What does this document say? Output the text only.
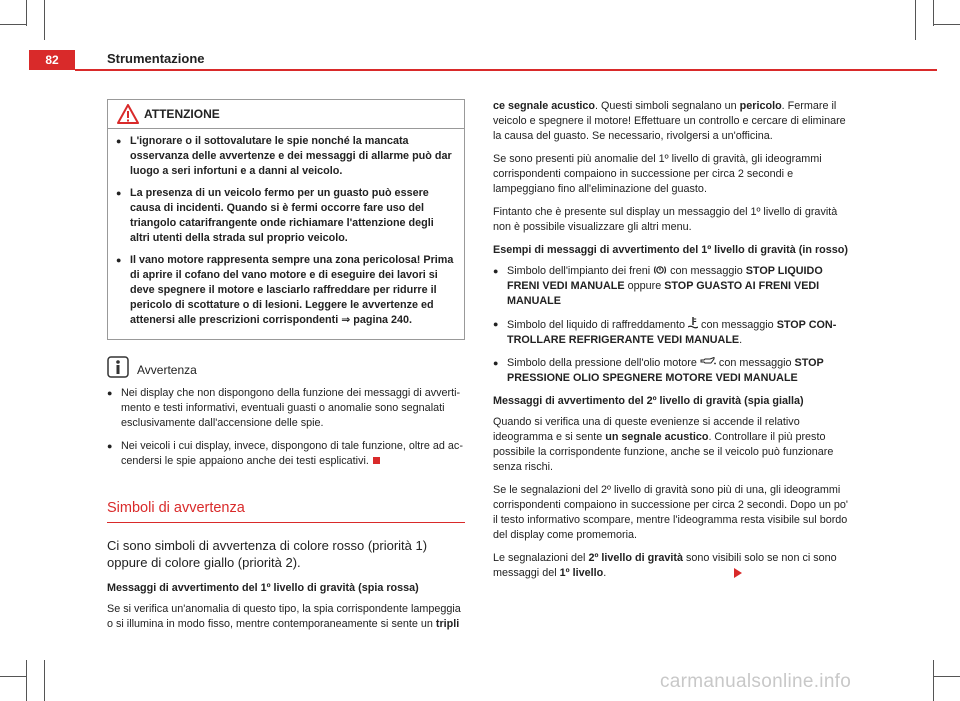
82	Strumentazione
ATTENZIONE

● L'ignorare o il sottovalutare le spie nonché la mancata osservanza delle avvertenze e dei messaggi di allarme può dar luogo a seri infortuni e a danni al veicolo.

● La presenza di un veicolo fermo per un guasto può essere causa di incidenti. Quando si è fermi occorre fare uso del triangolo catarifrangente onde richiamare l'attenzione degli altri utenti della strada sul proprio veicolo.

● Il vano motore rappresenta sempre una zona pericolosa! Prima di aprire il cofano del vano motore e di eseguire dei lavori si deve spegnere il motore e lasciarlo raffreddare per ridurre il pericolo di scottature o di lesioni. Leggere le avvertenze ed attenersi alle prescrizioni corrispondenti ⇒ pagina 240.

Avvertenza

● Nei display che non dispongono della funzione dei messaggi di avvertimento e testi informativi, eventuali guasti o anomalie sono segnalati esclusivamente dall'accensione delle spie.

● Nei veicoli i cui display, invece, dispongono di tale funzione, oltre ad accendersi le spie appaiono anche dei testi esplicativi.

Simboli di avvertenza

Ci sono simboli di avvertenza di colore rosso (priorità 1) oppure di colore giallo (priorità 2).

Messaggi di avvertimento del 1º livello di gravità (spia rossa)

Se si verifica un'anomalia di questo tipo, la spia corrispondente lampeggia o si illumina in modo fisso, mentre contemporaneamente si sente un tripli

ce segnale acustico. Questi simboli segnalano un pericolo. Fermare il veicolo e spegnere il motore! Effettuare un controllo e cercare di eliminare la causa del guasto. Se necessario, rivolgersi a un'officina.

Se sono presenti più anomalie del 1º livello di gravità, gli ideogrammi corrispondenti compaiono in successione per circa 2 secondi e lampeggiano fino all'eliminazione del guasto.

Fintanto che è presente sul display un messaggio del 1º livello di gravità non è possibile visualizzare gli altri menu.

Esempi di messaggi di avvertimento del 1º livello di gravità (in rosso)

● Simbolo dell'impianto dei freni  con messaggio STOP LIQUIDO FRENI VEDI MANUALE oppure STOP GUASTO AI FRENI VEDI MANUALE

● Simbolo del liquido di raffreddamento  con messaggio STOP CONTROLLARE REFRIGERANTE VEDI MANUALE.

● Simbolo della pressione dell'olio motore  con messaggio STOP PRESSIONE OLIO SPEGNERE MOTORE VEDI MANUALE

Messaggi di avvertimento del 2º livello di gravità (spia gialla)

Quando si verifica una di queste evenienze si accende il relativo ideogramma e si sente un segnale acustico. Controllare il più presto possibile la corrispondente funzione, anche se il veicolo può funzionare senza rischi.

Se le segnalazioni del 2º livello di gravità sono più di una, gli ideogrammi corrispondenti compaiono in successione per circa 2 secondi. Dopo un po' il testo informativo scompare, mentre l'ideogramma resta visibile sul bordo del display come promemoria.

Le segnalazioni del 2º livello di gravità sono visibili solo se non ci sono messaggi del 1º livello.

carmanualsonline.info
